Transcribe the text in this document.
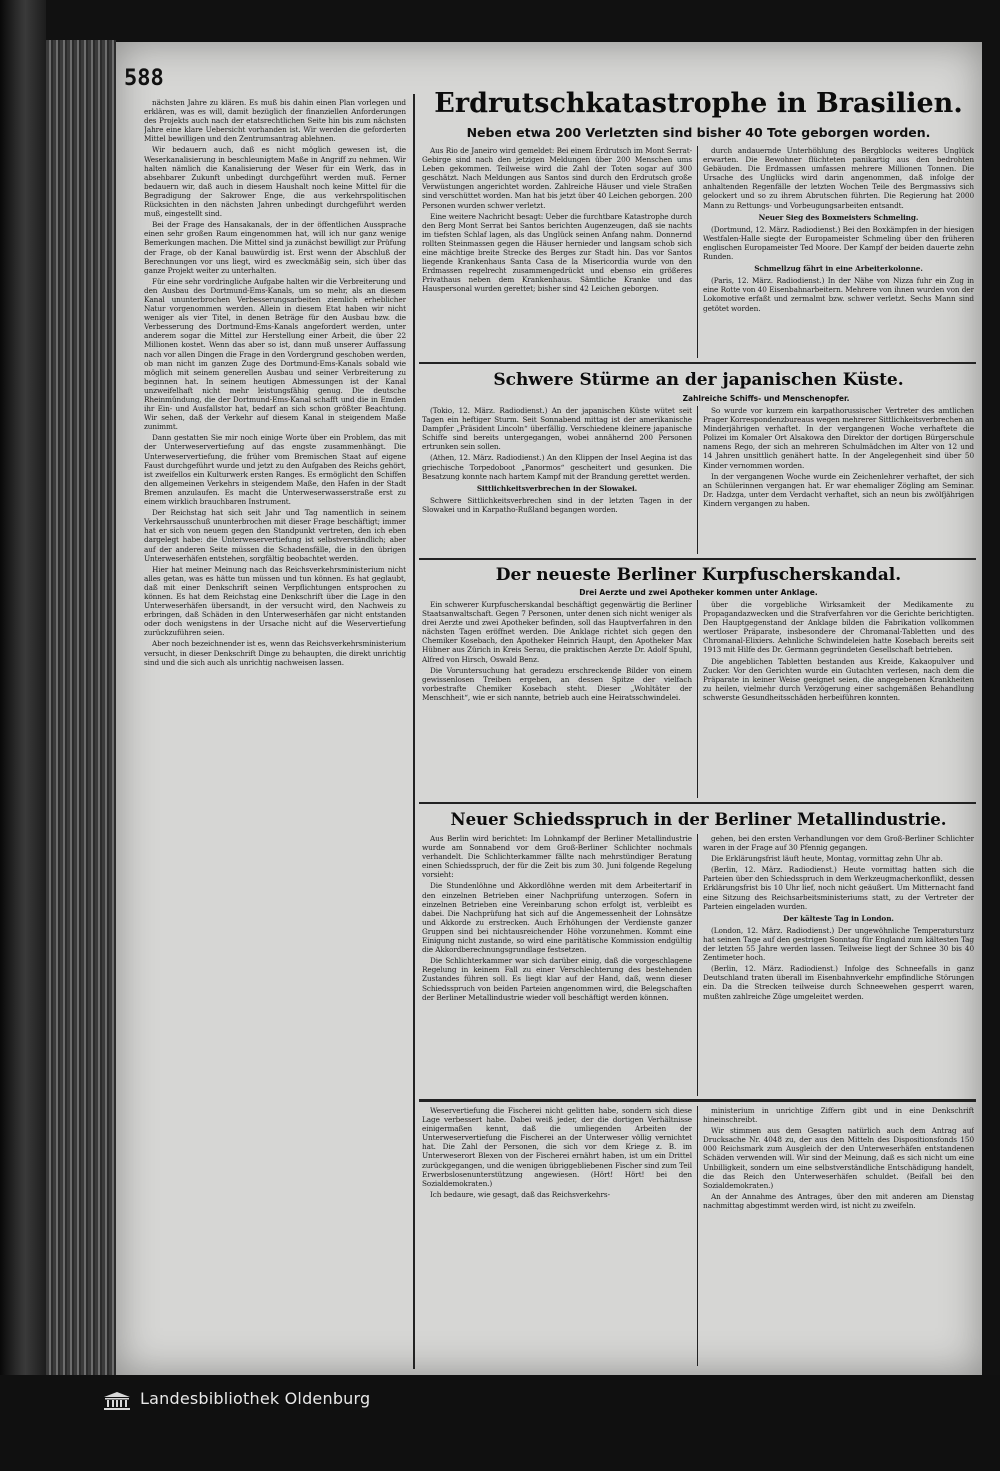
588

nächsten Jahre zu klären. Es muß bis dahin einen Plan vorlegen und erklären, was es will, damit bezüglich der finanziellen Anforderungen des Projekts auch nach der etatsrechtlichen Seite hin bis zum nächsten Jahre eine klare Uebersicht vorhanden ist. Wir werden die geforderten Mittel bewilligen und den Zentrumsantrag ablehnen.

Wir bedauern auch, daß es nicht möglich gewesen ist, die Weserkanalisierung in beschleunigtem Maße in Angriff zu nehmen. Wir halten nämlich die Kanalisierung der Weser für ein Werk, das in absehbarer Zukunft unbedingt durchgeführt werden muß. Ferner bedauern wir, daß auch in diesem Haushalt noch keine Mittel für die Begradigung der Sakrower Enge, die aus verkehrspolitischen Rücksichten in den nächsten Jahren unbedingt durchgeführt werden muß, eingestellt sind.

Bei der Frage des Hansakanals, der in der öffentlichen Aussprache einen sehr großen Raum eingenommen hat, will ich nur ganz wenige Bemerkungen machen. Die Mittel sind ja zunächst bewilligt zur Prüfung der Frage, ob der Kanal bauwürdig ist. Erst wenn der Abschluß der Berechnungen vor uns liegt, wird es zweckmäßig sein, sich über das ganze Projekt weiter zu unterhalten.

Für eine sehr vordringliche Aufgabe halten wir die Verbreiterung und den Ausbau des Dortmund-Ems-Kanals, um so mehr, als an diesem Kanal ununterbrochen Verbesserungsarbeiten ziemlich erheblicher Natur vorgenommen werden. Allein in diesem Etat haben wir nicht weniger als vier Titel, in denen Beträge für den Ausbau bzw. die Verbesserung des Dortmund-Ems-Kanals angefordert werden, unter anderem sogar die Mittel zur Herstellung einer Arbeit, die über 22 Millionen kostet. Wenn das aber so ist, dann muß unserer Auffassung nach vor allen Dingen die Frage in den Vordergrund geschoben werden, ob man nicht im ganzen Zuge des Dortmund-Ems-Kanals sobald wie möglich mit seinem generellen Ausbau und seiner Verbreiterung zu beginnen hat. In seinem heutigen Abmessungen ist der Kanal unzweifelhaft nicht mehr leistungsfähig genug. Die deutsche Rheinmündung, die der Dortmund-Ems-Kanal schafft und die in Emden ihr Ein- und Ausfallstor hat, bedarf an sich schon größter Beachtung. Wir sehen, daß der Verkehr auf diesem Kanal in steigendem Maße zunimmt.

Dann gestatten Sie mir noch einige Worte über ein Problem, das mit der Unterweservertiefung auf das engste zusammenhängt. Die Unterweservertiefung, die früher vom Bremischen Staat auf eigene Faust durchgeführt wurde und jetzt zu den Aufgaben des Reichs gehört, ist zweifellos ein Kulturwerk ersten Ranges. Es ermöglicht den Schiffen den allgemeinen Verkehrs in steigendem Maße, den Hafen in der Stadt Bremen anzulaufen. Es macht die Unterweserwasserstraße erst zu einem wirklich brauchbaren Instrument.

Der Reichstag hat sich seit Jahr und Tag namentlich in seinem Verkehrsausschuß ununterbrochen mit dieser Frage beschäftigt; immer hat er sich von neuem gegen den Standpunkt vertreten, den ich eben dargelegt habe: die Unterweservertiefung ist selbstverständlich; aber auf der anderen Seite müssen die Schadensfälle, die in den übrigen Unterweserhäfen entstehen, sorgfältig beobachtet werden.

Hier hat meiner Meinung nach das Reichsverkehrsministerium nicht alles getan, was es hätte tun müssen und tun können. Es hat geglaubt, daß mit einer Denkschrift seinen Verpflichtungen entsprochen zu können. Es hat dem Reichstag eine Denkschrift über die Lage in den Unterweserhäfen übersandt, in der versucht wird, den Nachweis zu erbringen, daß Schäden in den Unterweserhäfen gar nicht entstanden oder doch wenigstens in der Ursache nicht auf die Weservertiefung zurückzuführen seien.

Aber noch bezeichnender ist es, wenn das Reichsverkehrsministerium versucht, in dieser Denkschrift Dinge zu behaupten, die direkt unrichtig sind und die sich auch als unrichtig nachweisen lassen.

Erdrutschkatastrophe in Brasilien.
Neben etwa 200 Verletzten sind bisher 40 Tote geborgen worden.

Aus Rio de Janeiro wird gemeldet: Bei einem Erdrutsch im Mont Serrat-Gebirge sind nach den jetzigen Meldungen über 200 Menschen ums Leben gekommen. Teilweise wird die Zahl der Toten sogar auf 300 geschätzt. Nach Meldungen aus Santos sind durch den Erdrutsch große Verwüstungen angerichtet worden. Zahlreiche Häuser und viele Straßen sind verschüttet worden. Man hat bis jetzt über 40 Leichen geborgen. 200 Personen wurden schwer verletzt.

Eine weitere Nachricht besagt: Ueber die furchtbare Katastrophe durch den Berg Mont Serrat bei Santos berichten Augenzeugen, daß sie nachts im tiefsten Schlaf lagen, als das Unglück seinen Anfang nahm. Donnernd rollten Steinmassen gegen die Häuser hernieder und langsam schob sich eine mächtige breite Strecke des Berges zur Stadt hin. Das vor Santos liegende Krankenhaus Santa Casa de la Misericordia wurde von den Erdmassen regelrecht zusammengedrückt und ebenso ein größeres Privathaus neben dem Krankenhaus. Sämtliche Kranke und das Hauspersonal wurden gerettet; bisher sind 42 Leichen geborgen.

durch andauernde Unterhöhlung des Bergblocks weiteres Unglück erwarten. Die Bewohner flüchteten panikartig aus den bedrohten Gebäuden. Die Erdmassen umfassen mehrere Millionen Tonnen. Die Ursache des Unglücks wird darin angenommen, daß infolge der anhaltenden Regenfälle der letzten Wochen Teile des Bergmassivs sich gelockert und so zu ihrem Abrutschen führten. Die Regierung hat 2000 Mann zu Rettungs- und Vorbeugungsarbeiten entsandt.

Neuer Sieg des Boxmeisters Schmeling.

(Dortmund, 12. März. Radiodienst.) Bei den Boxkämpfen in der hiesigen Westfalen-Halle siegte der Europameister Schmeling über den früheren englischen Europameister Ted Moore. Der Kampf der beiden dauerte zehn Runden.

Schmellzug fährt in eine Arbeiterkolonne.

(Paris, 12. März. Radiodienst.) In der Nähe von Nizza fuhr ein Zug in eine Rotte von 40 Eisenbahnarbeitern. Mehrere von ihnen wurden von der Lokomotive erfaßt und zermalmt bzw. schwer verletzt. Sechs Mann sind getötet worden.

Schwere Stürme an der japanischen Küste.
Zahlreiche Schiffs- und Menschenopfer.

(Tokio, 12. März. Radiodienst.) An der japanischen Küste wütet seit Tagen ein heftiger Sturm. Seit Sonnabend mittag ist der amerikanische Dampfer „Präsident Lincoln“ überfällig. Verschiedene kleinere japanische Schiffe sind bereits untergegangen, wobei annähernd 200 Personen ertrunken sein sollen.

(Athen, 12. März. Radiodienst.) An den Klippen der Insel Aegina ist das griechische Torpedoboot „Panormos“ gescheitert und gesunken. Die Besatzung konnte nach hartem Kampf mit der Brandung gerettet werden.

Sittlichkeitsverbrechen in der Slowakei.

Schwere Sittlichkeitsverbrechen sind in der letzten Tagen in der Slowakei und in Karpatho-Rußland begangen worden.

So wurde vor kurzem ein karpathorussischer Vertreter des amtlichen Prager Korrespondenzbureaus wegen mehrerer Sittlichkeitsverbrechen an Minderjährigen verhaftet. In der vergangenen Woche verhaftete die Polizei im Komaler Ort Alsakowa den Direktor der dortigen Bürgerschule namens Rego, der sich an mehreren Schulmädchen im Alter von 12 und 14 Jahren unsittlich genähert hatte. In der Angelegenheit sind über 50 Kinder vernommen worden.

In der vergangenen Woche wurde ein Zeichenlehrer verhaftet, der sich an Schülerinnen vergangen hat. Er war ehemaliger Zögling am Seminar. Dr. Hadzga, unter dem Verdacht verhaftet, sich an neun bis zwölfjährigen Kindern vergangen zu haben.

Der neueste Berliner Kurpfuscherskandal.
Drei Aerzte und zwei Apotheker kommen unter Anklage.

Ein schwerer Kurpfuscherskandal beschäftigt gegenwärtig die Berliner Staatsanwaltschaft. Gegen 7 Personen, unter denen sich nicht weniger als drei Aerzte und zwei Apotheker befinden, soll das Hauptverfahren in den nächsten Tagen eröffnet werden. Die Anklage richtet sich gegen den Chemiker Kosebach, den Apotheker Heinrich Haupt, den Apotheker Max Hübner aus Zürich in Kreis Serau, die praktischen Aerzte Dr. Adolf Spuhl, Alfred von Hirsch, Oswald Benz.

Die Voruntersuchung hat geradezu erschreckende Bilder von einem gewissenlosen Treiben ergeben, an dessen Spitze der vielfach vorbestrafte Chemiker Kosebach steht. Dieser „Wohltäter der Menschheit“, wie er sich nannte, betrieb auch eine Heiratsschwindelei.

über die vorgebliche Wirksamkeit der Medikamente zu Propagandazwecken und die Strafverfahren vor die Gerichte berichtigten. Den Hauptgegenstand der Anklage bilden die Fabrikation vollkommen wertloser Präparate, insbesondere der Chromanal-Tabletten und des Chromanal-Elixiers. Aehnliche Schwindeleien hatte Kosebach bereits seit 1913 mit Hilfe des Dr. Germann gegründeten Gesellschaft betrieben.

Die angeblichen Tabletten bestanden aus Kreide, Kakaopulver und Zucker. Vor den Gerichten wurde ein Gutachten verlesen, nach dem die Präparate in keiner Weise geeignet seien, die angegebenen Krankheiten zu heilen, vielmehr durch Verzögerung einer sachgemäßen Behandlung schwerste Gesundheitsschäden herbeiführen konnten.

Neuer Schiedsspruch in der Berliner Metallindustrie.

Aus Berlin wird berichtet: Im Lohnkampf der Berliner Metallindustrie wurde am Sonnabend vor dem Groß-Berliner Schlichter nochmals verhandelt. Die Schlichterkammer fällte nach mehrstündiger Beratung einen Schiedsspruch, der für die Zeit bis zum 30. Juni folgende Regelung vorsieht:

Die Stundenlöhne und Akkordlöhne werden mit dem Arbeitertarif in den einzelnen Betrieben einer Nachprüfung unterzogen. Sofern in einzelnen Betrieben eine Vereinbarung schon erfolgt ist, verbleibt es dabei. Die Nachprüfung hat sich auf die Angemessenheit der Lohnsätze und Akkorde zu erstrecken. Auch Erhöhungen der Verdienste ganzer Gruppen sind bei nichtausreichender Höhe vorzunehmen. Kommt eine Einigung nicht zustande, so wird eine paritätische Kommission endgültig die Akkordberechnungsgrundlage festsetzen.

Die Schlichterkammer war sich darüber einig, daß die vorgeschlagene Regelung in keinem Fall zu einer Verschlechterung des bestehenden Zustandes führen soll. Es liegt klar auf der Hand, daß, wenn dieser Schiedsspruch von beiden Parteien angenommen wird, die Belegschaften der Berliner Metallindustrie wieder voll beschäftigt werden können.

gehen, bei den ersten Verhandlungen vor dem Groß-Berliner Schlichter waren in der Frage auf 30 Pfennig gegangen.

Die Erklärungsfrist läuft heute, Montag, vormittag zehn Uhr ab.

(Berlin, 12. März. Radiodienst.) Heute vormittag hatten sich die Parteien über den Schiedsspruch in dem Werkzeugmacherkonflikt, dessen Erklärungsfrist bis 10 Uhr lief, noch nicht geäußert. Um Mitternacht fand eine Sitzung des Reichsarbeitsministeriums statt, zu der Vertreter der Parteien eingeladen wurden.

Der kälteste Tag in London.

(London, 12. März. Radiodienst.) Der ungewöhnliche Temperatursturz hat seinen Tage auf den gestrigen Sonntag für England zum kältesten Tag der letzten 55 Jahre werden lassen. Teilweise liegt der Schnee 30 bis 40 Zentimeter hoch.

(Berlin, 12. März. Radiodienst.) Infolge des Schneefalls in ganz Deutschland traten überall im Eisenbahnverkehr empfindliche Störungen ein. Da die Strecken teilweise durch Schneewehen gesperrt waren, mußten zahlreiche Züge umgeleitet werden.

Weservertiefung die Fischerei nicht gelitten habe, sondern sich diese Lage verbessert habe. Dabei weiß jeder, der die dortigen Verhältnisse einigermaßen kennt, daß die umliegenden Arbeiten der Unterweservertiefung die Fischerei an der Unterweser völlig vernichtet hat. Die Zahl der Personen, die sich vor dem Kriege z. B. im Unterweserort Blexen von der Fischerei ernährt haben, ist um ein Drittel zurückgegangen, und die wenigen übriggebliebenen Fischer sind zum Teil Erwerbslosenunterstützung angewiesen. (Hört! Hört! bei den Sozialdemokraten.)

Ich bedaure, wie gesagt, daß das Reichsverkehrs-

ministerium in unrichtige Ziffern gibt und in eine Denkschrift hineinschreibt.

Wir stimmen aus dem Gesagten natürlich auch dem Antrag auf Drucksache Nr. 4048 zu, der aus den Mitteln des Dispositionsfonds 150 000 Reichsmark zum Ausgleich der den Unterweserhäfen entstandenen Schäden verwenden will. Wir sind der Meinung, daß es sich nicht um eine Unbilligkeit, sondern um eine selbstverständliche Entschädigung handelt, die das Reich den Unterweserhäfen schuldet. (Beifall bei den Sozialdemokraten.)

An der Annahme des Antrages, über den mit anderen am Dienstag nachmittag abgestimmt werden wird, ist nicht zu zweifeln.

Landesbibliothek Oldenburg
